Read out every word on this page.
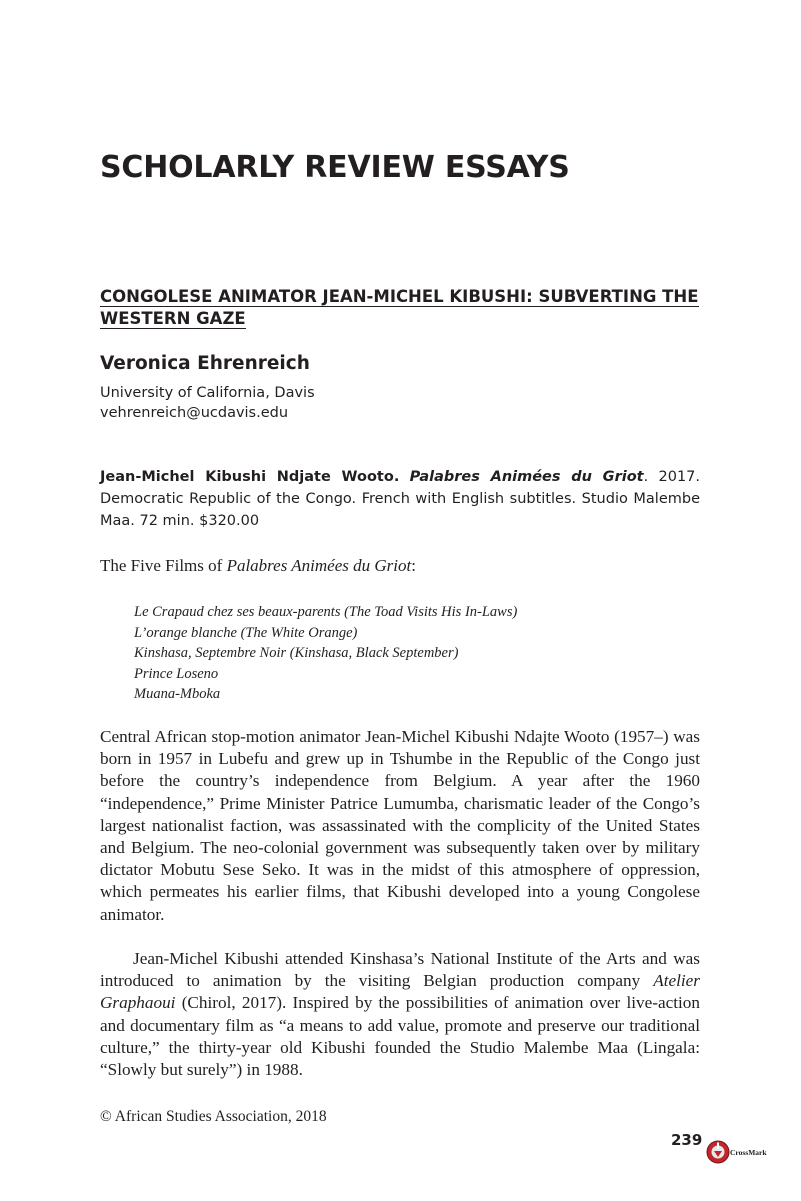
SCHOLARLY REVIEW ESSAYS
CONGOLESE ANIMATOR JEAN-MICHEL KIBUSHI: SUBVERTING THE WESTERN GAZE
Veronica Ehrenreich
University of California, Davis
vehrenreich@ucdavis.edu
Jean-Michel Kibushi Ndjate Wooto. Palabres Animées du Griot. 2017. Democratic Republic of the Congo. French with English subtitles. Studio Malembe Maa. 72 min. $320.00
The Five Films of Palabres Animées du Griot:
Le Crapaud chez ses beaux-parents (The Toad Visits His In-Laws)
L’orange blanche (The White Orange)
Kinshasa, Septembre Noir (Kinshasa, Black September)
Prince Loseno
Muana-Mboka

Central African stop-motion animator Jean-Michel Kibushi Ndajte Wooto (1957–) was born in 1957 in Lubefu and grew up in Tshumbe in the Republic of the Congo just before the country’s independence from Belgium. A year after the 1960 “independence,” Prime Minister Patrice Lumumba, charismatic leader of the Congo’s largest nationalist faction, was assassinated with the complicity of the United States and Belgium. The neo-colonial government was subsequently taken over by military dictator Mobutu Sese Seko. It was in the midst of this atmosphere of oppression, which permeates his earlier films, that Kibushi developed into a young Congolese animator.

Jean-Michel Kibushi attended Kinshasa’s National Institute of the Arts and was introduced to animation by the visiting Belgian production company Atelier Graphaoui (Chirol, 2017). Inspired by the possibilities of animation over live-action and documentary film as “a means to add value, promote and preserve our traditional culture,” the thirty-year old Kibushi founded the Studio Malembe Maa (Lingala: “Slowly but surely”) in 1988.

© African Studies Association, 2018
239
CrossMark
